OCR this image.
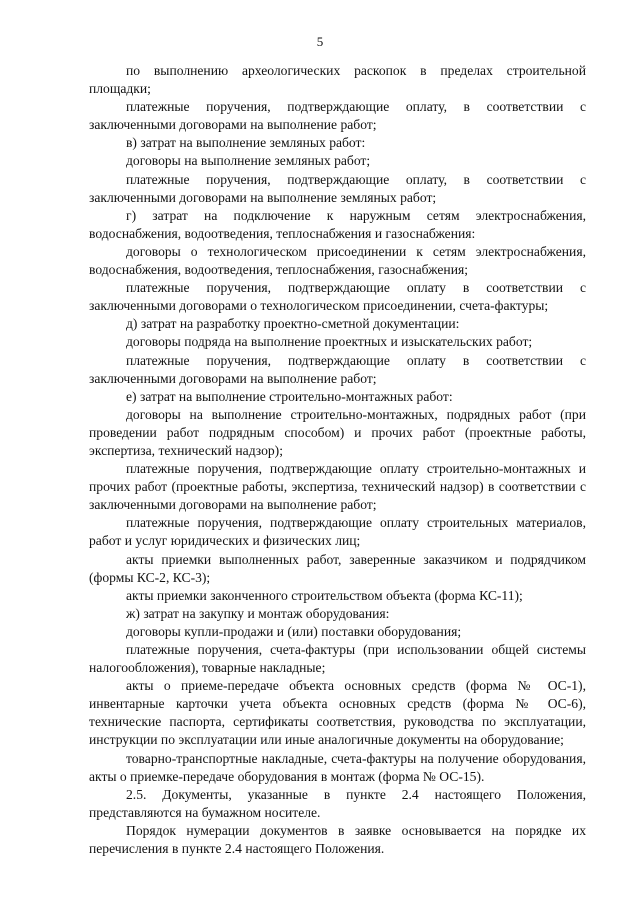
5

по выполнению археологических раскопок в пределах строительной площадки;

платежные поручения, подтверждающие оплату, в соответствии с заключенными договорами на выполнение работ;

в) затрат на выполнение земляных работ:

договоры на выполнение земляных работ;

платежные поручения, подтверждающие оплату, в соответствии с заключенными договорами на выполнение земляных работ;

г) затрат на подключение к наружным сетям электроснабжения, водоснабжения, водоотведения, теплоснабжения и газоснабжения:

договоры о технологическом присоединении к сетям электроснабжения, водоснабжения, водоотведения, теплоснабжения, газоснабжения;

платежные поручения, подтверждающие оплату в соответствии с заключенными договорами о технологическом присоединении, счета-фактуры;

д) затрат на разработку проектно-сметной документации:

договоры подряда на выполнение проектных и изыскательских работ;

платежные поручения, подтверждающие оплату в соответствии с заключенными договорами на выполнение работ;

е) затрат на выполнение строительно-монтажных работ:

договоры на выполнение строительно-монтажных, подрядных работ (при проведении работ подрядным способом) и прочих работ (проектные работы, экспертиза, технический надзор);

платежные поручения, подтверждающие оплату строительно-монтажных и прочих работ (проектные работы, экспертиза, технический надзор) в соответствии с заключенными договорами на выполнение работ;

платежные поручения, подтверждающие оплату строительных материалов, работ и услуг юридических и физических лиц;

акты приемки выполненных работ, заверенные заказчиком и подрядчиком (формы КС-2, КС-3);

акты приемки законченного строительством объекта (форма КС-11);

ж) затрат на закупку и монтаж оборудования:

договоры купли-продажи и (или) поставки оборудования;

платежные поручения, счета-фактуры (при использовании общей системы налогообложения), товарные накладные;

акты о приеме-передаче объекта основных средств (форма № ОС-1), инвентарные карточки учета объекта основных средств (форма № ОС-6), технические паспорта, сертификаты соответствия, руководства по эксплуатации, инструкции по эксплуатации или иные аналогичные документы на оборудование;

товарно-транспортные накладные, счета-фактуры на получение оборудования, акты о приемке-передаче оборудования в монтаж (форма № ОС-15).

2.5. Документы, указанные в пункте 2.4 настоящего Положения, представляются на бумажном носителе.

Порядок нумерации документов в заявке основывается на порядке их перечисления в пункте 2.4 настоящего Положения.
